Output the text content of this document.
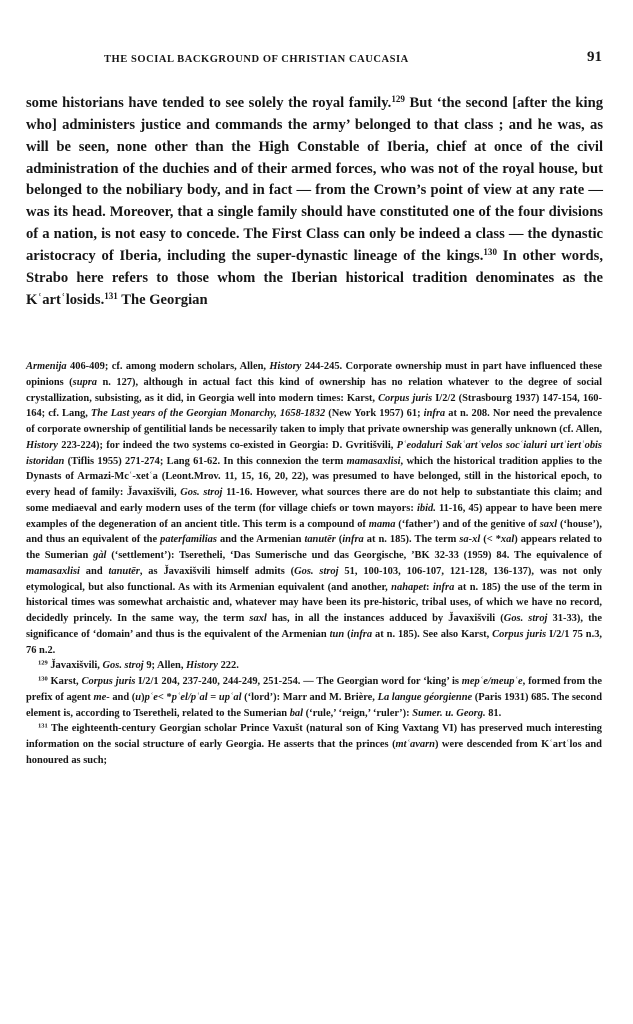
THE SOCIAL BACKGROUND OF CHRISTIAN CAUCASIA	91

some historians have tended to see solely the royal family.$^{129}$ But ‘the second [after the king who] administers justice and commands the army’ belonged to that class ; and he was, as will be seen, none other than the High Constable of Iberia, chief at once of the civil administration of the duchies and of their armed forces, who was not of the royal house, but belonged to the nobiliary body, and in fact — from the Crown’s point of view at any rate — was its head. Moreover, that a single family should have constituted one of the four divisions of a nation, is not easy to concede. The First Class can only be indeed a class — the dynastic aristocracy of Iberia, including the super-dynastic lineage of the kings.$^{130}$ In other words, Strabo here refers to those whom the Iberian historical tradition denominates as the Kʿartʿlosids.$^{131}$ The Georgian

Armenija 406-409; cf. among modern scholars, Allen, History 244-245. Corporate ownership must in part have influenced these opinions (supra n. 127), although in actual fact this kind of ownership has no relation whatever to the degree of social crystallization, subsisting, as it did, in Georgia well into modern times: Karst, Corpus juris I/2/2 (Strasbourg 1937) 147-154, 160-164; cf. Lang, The Last years of the Georgian Monarchy, 1658-1832 (New York 1957) 61; infra at n. 208. Nor need the prevalence of corporate ownership of gentilitial lands be necessarily taken to imply that private ownership was generally unknown (cf. Allen, History 223-224); for indeed the two systems co-existed in Georgia: D. Gvritišvili, Pʿeodaluri Sakʿartʿvelos socʿialuri urtʿiertʿobis istoridan (Tiflis 1955) 271-274; Lang 61-62. In this connexion the term mamasaxlisi, which the historical tradition applies to the Dynasts of Armazi-Mcʿ-xetʿa (Leont.Mrov. 11, 15, 16, 20, 22), was presumed to have belonged, still in the historical epoch, to every head of family: J̌avaxišvili, Gos. stroj 11-16. However, what sources there are do not help to substantiate this claim; and some mediaeval and early modern uses of the term (for village chiefs or town mayors: ibid. 11-16, 45) appear to have been mere examples of the degeneration of an ancient title. This term is a compound of mama (‘father’) and of the genitive of saxl (‘house’), and thus an equivalent of the paterfamilias and the Armenian tanutēr (infra at n. 185). The term sa-xl (< *xal) appears related to the Sumerian gàl (‘settlement’): Tseretheli, ‘Das Sumerische und das Georgische, ’BK 32-33 (1959) 84. The equivalence of mamasaxlisi and tanutēr, as J̌avaxišvili himself admits (Gos. stroj 51, 100-103, 106-107, 121-128, 136-137), was not only etymological, but also functional. As with its Armenian equivalent (and another, nahapet: infra at n. 185) the use of the term in historical times was somewhat archaistic and, whatever may have been its pre-historic, tribal uses, of which we have no record, decidedly princely. In the same way, the term saxl has, in all the instances adduced by J̌avaxišvili (Gos. stroj 31-33), the significance of ‘domain’ and thus is the equivalent of the Armenian tun (infra at n. 185). See also Karst, Corpus juris I/2/1 75 n.3, 76 n.2.

$^{129}$ J̌avaxišvili, Gos. stroj 9; Allen, History 222.

$^{130}$ Karst, Corpus juris I/2/1 204, 237-240, 244-249, 251-254. — The Georgian word for ‘king’ is mepʿe/meupʿe, formed from the prefix of agent me- and (u)pʿe< *pʿel/pʿal = upʿal (‘lord’): Marr and M. Brière, La langue géorgienne (Paris 1931) 685. The second element is, according to Tseretheli, related to the Sumerian bal (‘rule,’ ‘reign,’ ‘ruler’): Sumer. u. Georg. 81.

$^{131}$ The eighteenth-century Georgian scholar Prince Vaxušt (natural son of King Vaxtang VI) has preserved much interesting information on the social structure of early Georgia. He asserts that the princes (mtʿavarn) were descended from Kʿartʿlos and honoured as such;
